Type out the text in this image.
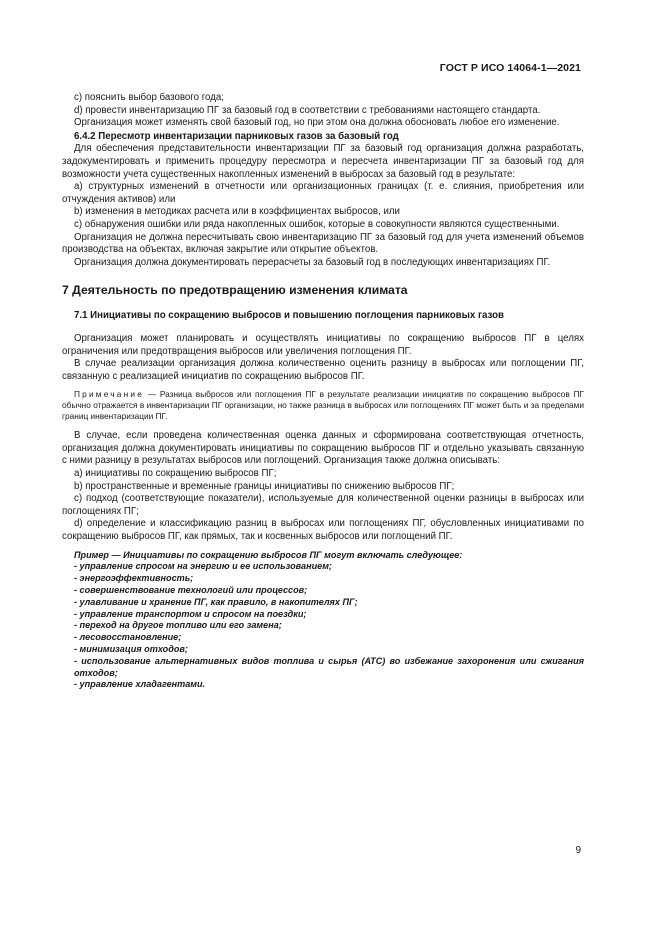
ГОСТ Р ИСО 14064-1—2021

c) пояснить выбор базового года;

d) провести инвентаризацию ПГ за базовый год в соответствии с требованиями настоящего стандарта.

Организация может изменять свой базовый год, но при этом она должна обосновать любое его изменение.

6.4.2 Пересмотр инвентаризации парниковых газов за базовый год

Для обеспечения представительности инвентаризации ПГ за базовый год организация должна разработать, задокументировать и применить процедуру пересмотра и пересчета инвентаризации ПГ за базовый год для возможности учета существенных накопленных изменений в выбросах за базовый год в результате:

a) структурных изменений в отчетности или организационных границах (т. е. слияния, приобретения или отчуждения активов) или

b) изменения в методиках расчета или в коэффициентах выбросов, или

c) обнаружения ошибки или ряда накопленных ошибок, которые в совокупности являются существенными.

Организация не должна пересчитывать свою инвентаризацию ПГ за базовый год для учета изменений объемов производства на объектах, включая закрытие или открытие объектов.

Организация должна документировать перерасчеты за базовый год в последующих инвентаризациях ПГ.

7 Деятельность по предотвращению изменения климата

7.1 Инициативы по сокращению выбросов и повышению поглощения парниковых газов

Организация может планировать и осуществлять инициативы по сокращению выбросов ПГ в целях ограничения или предотвращения выбросов или увеличения поглощения ПГ.

В случае реализации организация должна количественно оценить разницу в выбросах или поглощении ПГ, связанную с реализацией инициатив по сокращению выбросов ПГ.

Примечание — Разница выбросов или поглощения ПГ в результате реализации инициатив по сокращению выбросов ПГ обычно отражается в инвентаризации ПГ организации, но также разница в выбросах или поглощениях ПГ может быть и за пределами границ инвентаризации ПГ.

В случае, если проведена количественная оценка данных и сформирована соответствующая отчетность, организация должна документировать инициативы по сокращению выбросов ПГ и отдельно указывать связанную с ними разницу в результатах выбросов или поглощений. Организация также должна описывать:

a) инициативы по сокращению выбросов ПГ;

b) пространственные и временные границы инициативы по снижению выбросов ПГ;

c) подход (соответствующие показатели), используемые для количественной оценки разницы в выбросах или поглощениях ПГ;

d) определение и классификацию разниц в выбросах или поглощениях ПГ, обусловленных инициативами по сокращению выбросов ПГ, как прямых, так и косвенных выбросов или поглощений ПГ.

Пример — Инициативы по сокращению выбросов ПГ могут включать следующее:

- управление спросом на энергию и ее использованием;

- энергоэффективность;

- совершенствование технологий или процессов;

- улавливание и хранение ПГ, как правило, в накопителях ПГ;

- управление транспортом и спросом на поездки;

- переход на другое топливо или его замена;

- лесовосстановление;

- минимизация отходов;

- использование альтернативных видов топлива и сырья (АТС) во избежание захоронения или сжигания отходов;

- управление хладагентами.

9
